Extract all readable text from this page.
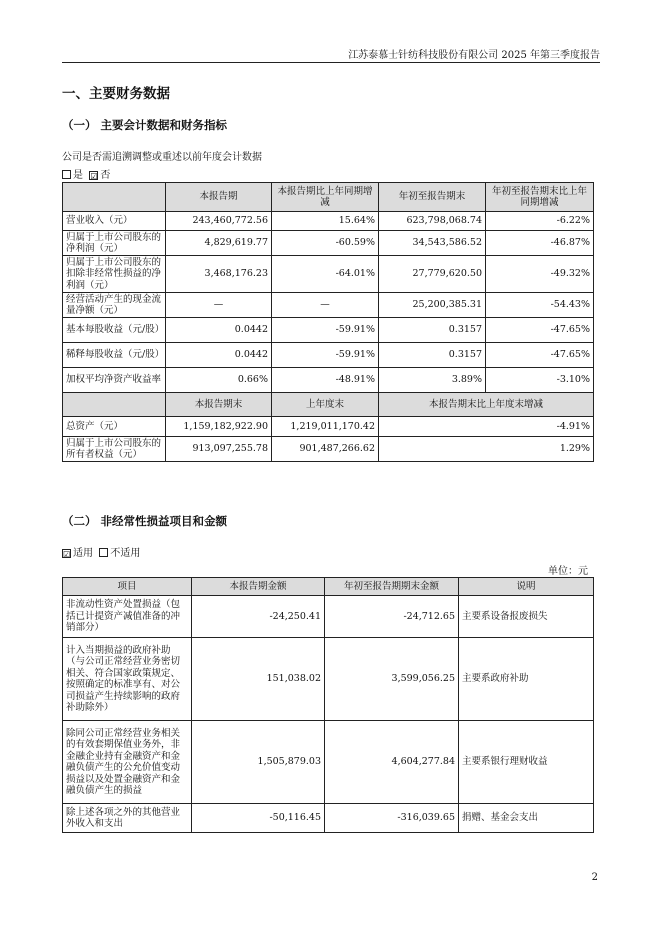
江苏泰慕士针纺科技股份有限公司 2025 年第三季度报告
一、主要财务数据
（一） 主要会计数据和财务指标
公司是否需追溯调整或重述以前年度会计数据
是 ☑ 否
	本报告期	本报告期比上年同期增减	年初至报告期末	年初至报告期末比上年同期增减
营业收入（元）	243,460,772.56	15.64%	623,798,068.74	-6.22%
归属于上市公司股东的净利润（元）	4,829,619.77	-60.59%	34,543,586.52	-46.87%
归属于上市公司股东的扣除非经常性损益的净利润（元）	3,468,176.23	-64.01%	27,779,620.50	-49.32%
经营活动产生的现金流量净额（元）	—	—	25,200,385.31	-54.43%
基本每股收益（元/股）	0.0442	-59.91%	0.3157	-47.65%
稀释每股收益（元/股）	0.0442	-59.91%	0.3157	-47.65%
加权平均净资产收益率	0.66%	-48.91%	3.89%	-3.10%
	本报告期末	上年度末	本报告期末比上年度末增减	
总资产（元）	1,159,182,922.90	1,219,011,170.42	-4.91%	
归属于上市公司股东的所有者权益（元）	913,097,255.78	901,487,266.62	1.29%	
（二） 非经常性损益项目和金额
☑ 适用 不适用
单位：元
项目	本报告期金额	年初至报告期期末金额	说明
非流动性资产处置损益（包括已计提资产减值准备的冲销部分）	-24,250.41	-24,712.65	主要系设备报废损失
计入当期损益的政府补助（与公司正常经营业务密切相关、符合国家政策规定、按照确定的标准享有、对公司损益产生持续影响的政府补助除外）	151,038.02	3,599,056.25	主要系政府补助
除同公司正常经营业务相关的有效套期保值业务外，非金融企业持有金融资产和金融负债产生的公允价值变动损益以及处置金融资产和金融负债产生的损益	1,505,879.03	4,604,277.84	主要系银行理财收益
除上述各项之外的其他营业外收入和支出	-50,116.45	-316,039.65	捐赠、基金会支出
2
